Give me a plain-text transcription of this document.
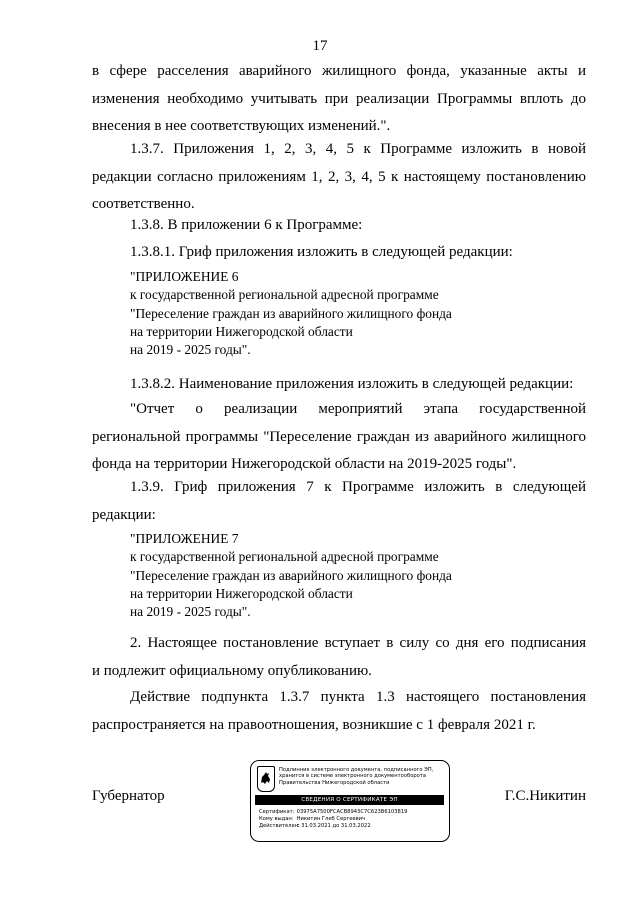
17
в сфере расселения аварийного жилищного фонда, указанные акты и
изменения необходимо учитывать при реализации Программы вплоть до
внесения в нее соответствующих изменений.".
1.3.7. Приложения 1, 2, 3, 4, 5 к Программе изложить в новой
редакции согласно приложениям 1, 2, 3, 4, 5 к настоящему постановлению
соответственно.
1.3.8. В приложении 6 к Программе:
1.3.8.1. Гриф приложения изложить в следующей редакции:
"ПРИЛОЖЕНИЕ 6
к государственной региональной адресной программе
"Переселение граждан из аварийного жилищного фонда
на территории Нижегородской области
на 2019 - 2025 годы".
1.3.8.2. Наименование приложения изложить в следующей редакции:
"Отчет о реализации мероприятий этапа государственной
региональной программы "Переселение граждан из аварийного жилищного
фонда на территории Нижегородской области на 2019-2025 годы".
1.3.9. Гриф приложения 7 к Программе изложить в следующей
редакции:
"ПРИЛОЖЕНИЕ 7
к государственной региональной адресной программе
"Переселение граждан из аварийного жилищного фонда
на территории Нижегородской области
на 2019 - 2025 годы".
2. Настоящее постановление вступает в силу со дня его подписания
и подлежит официальному опубликованию.
Действие подпункта 1.3.7 пункта 1.3 настоящего постановления
распространяется на правоотношения, возникшие с 1 февраля 2021 г.
Губернатор	Г.С.Никитин
Подлинник электронного документа, подписанного ЭП,
хранится в системе электронного документооборота
Правительства Нижегородской области
СВЕДЕНИЯ О СЕРТИФИКАТЕ ЭП
Сертификат: 03975A7500FCACB8943C7C623B6103819
Кому выдан: Никитин Глеб Сергеевич
Действителен: с 31.03.2021 до 31.03.2022
